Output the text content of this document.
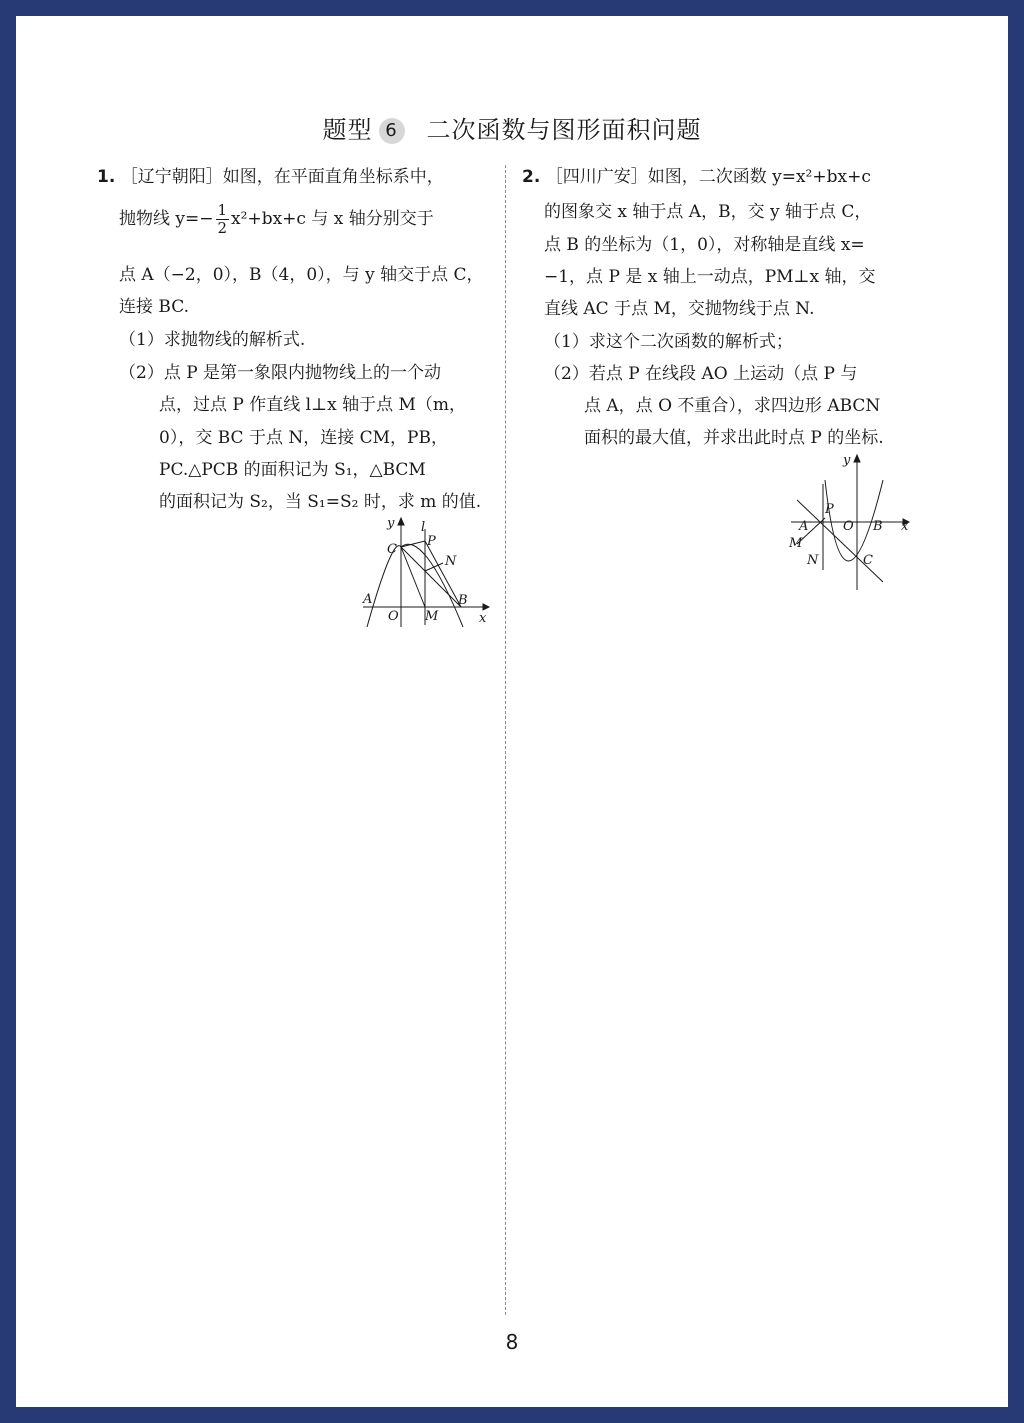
题型 6 二次函数与图形面积问题
1. ［辽宁朝阳］如图，在平面直角坐标系中，
抛物线 $y=- \frac{1}{2} x^2+bx+c$ 与 x 轴分别交于
点 A（−2，0），B（4，0），与 y 轴交于点 C，
连接 BC.
（1）求抛物线的解析式.
（2）点 P 是第一象限内抛物线上的一个动
点，过点 P 作直线 l⊥x 轴于点 M（m，
0），交 BC 于点 N，连接 CM，PB，
PC.△PCB 的面积记为 S₁，△BCM
的面积记为 S₂，当 S₁=S₂ 时，求 m 的值.
y l
C
P
N
A
O M
B
x
2. ［四川广安］如图，二次函数 y=x²+bx+c
的图象交 x 轴于点 A，B，交 y 轴于点 C，
点 B 的坐标为（1，0），对称轴是直线 x=
−1，点 P 是 x 轴上一动点，PM⊥x 轴，交
直线 AC 于点 M，交抛物线于点 N.
（1）求这个二次函数的解析式；
（2）若点 P 在线段 AO 上运动（点 P 与
点 A，点 O 不重合），求四边形 ABCN
面积的最大值，并求出此时点 P 的坐标.
y
P
A	O B x
M
N	C
8
